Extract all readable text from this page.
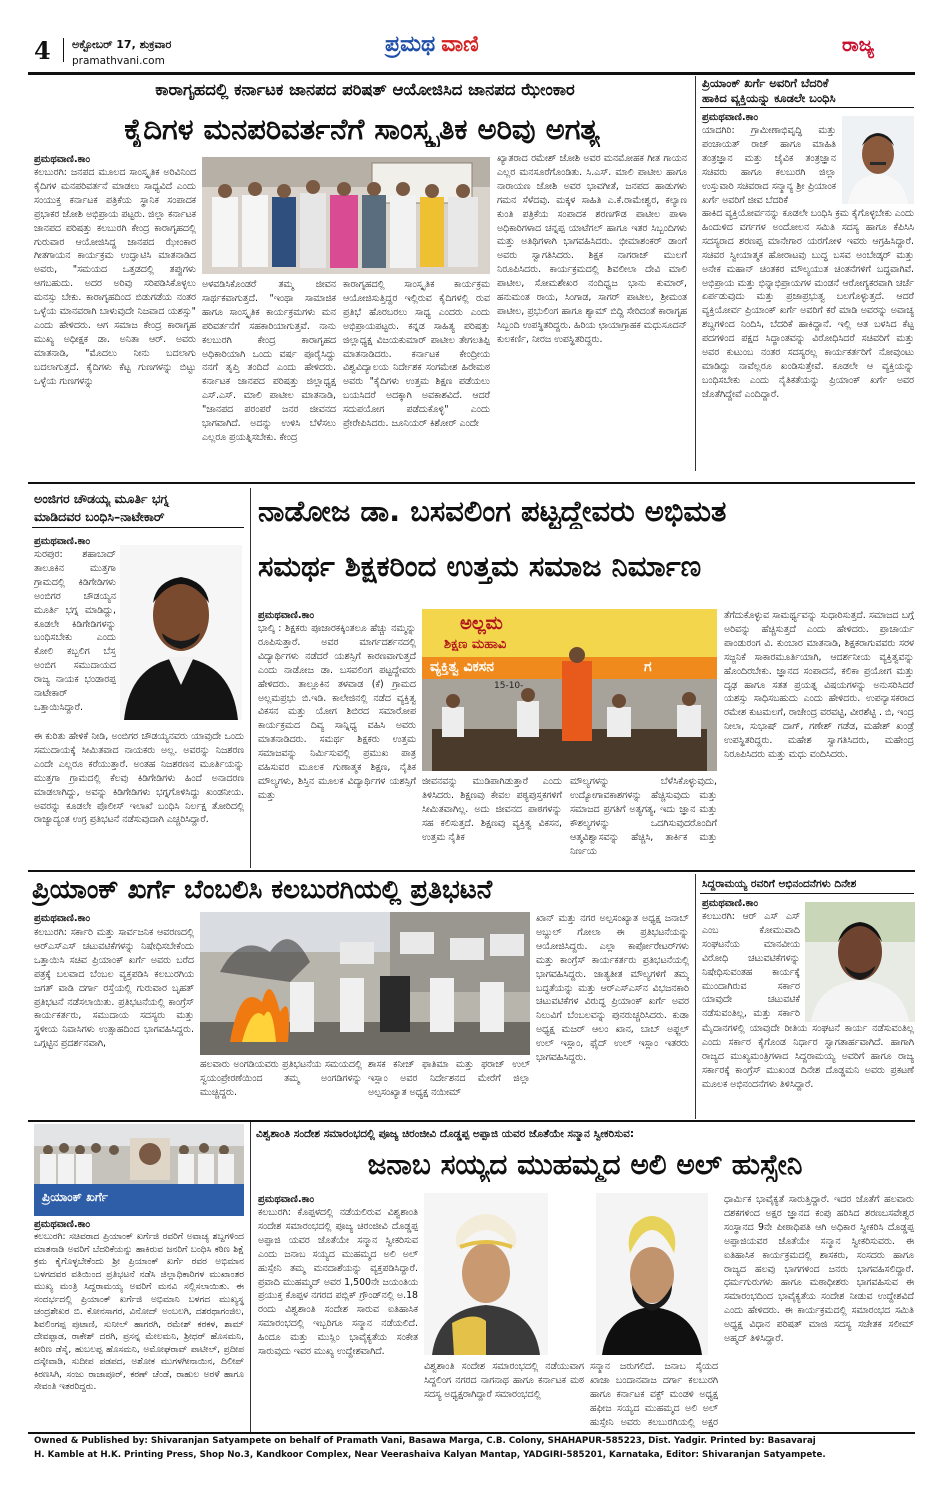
4 ಅಕ್ಟೋಬರ್ 17, ಶುಕ್ರವಾರ
pramathvani.com
ಪ್ರಮಥ ವಾಣಿ	ರಾಜ್ಯ
ಕಾರಾಗೃಹದಲ್ಲಿ ಕರ್ನಾಟಕ ಜಾನಪದ ಪರಿಷತ್ ಆಯೋಜಿಸಿದ ಜಾನಪದ ಝೇಂಕಾರ
ಕೈದಿಗಳ ಮನಪರಿವರ್ತನೆಗೆ ಸಾಂಸ್ಕೃತಿಕ ಅರಿವು ಅಗತ್ಯ
ಪ್ರಮಥವಾಣಿ.ಕಾಂ
ಕಲಬುರಗಿ: ಜನಪದ ಮೂಲದ ಸಾಂಸ್ಕೃತಿಕ ಅರಿವಿನಿಂದ ಕೈದಿಗಳ ಮನಪರಿವರ್ತನೆ ಮಾಡಲು ಸಾಧ್ಯವಿದೆ ಎಂದು ಸಂಯುಕ್ತ ಕರ್ನಾಟಕ ಪತ್ರಿಕೆಯ ಸ್ಥಾನಿಕ ಸಂಪಾದಕ ಪ್ರಭಾಕರ ಜೋಶಿ ಅಭಿಪ್ರಾಯ ಪಟ್ಟರು. ಜಿಲ್ಲಾ ಕರ್ನಾಟಕ ಜಾನಪದ ಪರಿಷತ್ತು ಕಲಬುರಗಿ ಕೇಂದ್ರ ಕಾರಾಗೃಹದಲ್ಲಿ ಗುರುವಾರ ಆಯೋಜಿಸಿದ್ದ ಜಾನಪದ ಝೇಂಕಾರ ಗೀತಗಾಯನ ಕಾರ್ಯಕ್ರಮ ಉದ್ಘಾಟಿಸಿ ಮಾತನಾಡಿದ ಅವರು, "ಸಮಯದ ಒತ್ತಡದಲ್ಲಿ ತಪ್ಪುಗಳು ಆಗಬಹುದು. ಅದರ ಅರಿವು ಸರಿಪಡಿಸಿಕೊಳ್ಳಲು ಮನಸ್ಸು ಬೇಕು. ಕಾರಾಗೃಹದಿಂದ ಬಿಡುಗಡೆಯ ನಂತರ ಒಳ್ಳೆಯ ಮಾನವರಾಗಿ ಬಾಳುವುದೇ ನಿಜವಾದ ಯಶಸ್ಸು" ಎಂದು ಹೇಳಿದರು. ಆಗ ಸಮಾಜ ಕೇಂದ್ರ ಕಾರಾಗೃಹ ಮುಖ್ಯ ಅಧೀಕ್ಷಕ ಡಾ. ಅನಿತಾ ಆರ್. ಅವರು ಮಾತನಾಡಿ, "ಮೊದಲು ನೀನು ಬದಲಾಗು ಬದಲಾಗುತ್ತದೆ. ಕೈದಿಗಳು ಕೆಟ್ಟ ಗುಣಗಳನ್ನು ಬಿಟ್ಟು ಒಳ್ಳೆಯ ಗುಣಗಳನ್ನು
ಅಳವಡಿಸಿಕೊಂಡರೆ ತಮ್ಮ ಜೀವನ ಸಾರ್ಥಕವಾಗುತ್ತದೆ. "ಇಂಥಾ ಸಾಮಾಜಿಕ ಹಾಗೂ ಸಾಂಸ್ಕೃತಿಕ ಕಾರ್ಯಕ್ರಮಗಳು ಮನ ಪರಿವರ್ತನೆಗೆ ಸಹಕಾರಿಯಾಗುತ್ತವೆ. ನಾನು ಕಲಬುರಗಿ ಕೇಂದ್ರ ಕಾರಾಗೃಹದ ಅಧಿಕಾರಿಯಾಗಿ ಒಂದು ವರ್ಷ ಪೂರೈಸಿದ್ದು ನನಗೆ ತೃಪ್ತಿ ತಂದಿದೆ ಎಂದು ಹೇಳಿದರು. ಕರ್ನಾಟಕ ಜಾನಪದ ಪರಿಷತ್ತು ಜಿಲ್ಲಾಧ್ಯಕ್ಷ ಎಸ್.ಎಸ್. ಮಾಲಿ ಪಾಟೀಲ ಮಾತನಾಡಿ, "ಜಾನಪದ ಪರಂಪರೆ ಜನರ ಜೀವನದ ಭಾಗವಾಗಿದೆ. ಅದನ್ನು ಉಳಿಸಿ ಬೆಳೆಸಲು ಎಲ್ಲರೂ ಪ್ರಯತ್ನಿಸಬೇಕು. ಕೇಂದ್ರ
ಕಾರಾಗೃಹದಲ್ಲಿ ಸಾಂಸ್ಕೃತಿಕ ಕಾರ್ಯಕ್ರಮ ಆಯೋಜಿಸುತ್ತಿದ್ದರ ಇಲ್ಲಿರುವ ಕೈದಿಗಳಲ್ಲಿ ರುವ ಪ್ರತಿಭೆ ಹೊರಬರಲು ಸಾಧ್ಯ ಎಂದರು ಎಂದು ಅಭಿಪ್ರಾಯಪಟ್ಟರು. ಕನ್ನಡ ಸಾಹಿತ್ಯ ಪರಿಷತ್ತು ಜಿಲ್ಲಾಧ್ಯಕ್ಷ ವಿಜಯಕುಮಾರ್ ಪಾಟೀಲ ತೇಗಲತಿಪ್ಪಿ ಮಾತನಾಡಿದರು. ಕರ್ನಾಟಕ ಕೇಂದ್ರೀಯ ವಿಶ್ವವಿದ್ಯಾಲಯ ನಿರ್ದೇಶಕ ಸಂಗಮೇಶ ಹಿರೇಮಠ ಅವರು "ಕೈದಿಗಳು ಉತ್ತಮ ಶಿಕ್ಷಣ ಪಡೆಯಲು ಬಯಸಿದರೆ ಅದಕ್ಕಾಗಿ ಅವಕಾಶವಿದೆ. ಆದರೆ ಸದುಪಯೋಗ ಪಡೆದುಕೊಳ್ಳಿ" ಎಂದು ಪ್ರೇರೇಪಿಸಿದರು. ಜೂನಿಯರ್ ಕಿಶೋರ್ ಎಂದೇ
ಖ್ಯಾತರಾದ ರಮೇಶ್ ಜೋಶಿ ಅವರ ಮನಮೋಹಕ ಗೀತ ಗಾಯನ ಎಲ್ಲರ ಮನಸೂರೆಗೊಂಡಿತು. ಸಿ.ಎಸ್. ಮಾಲಿ ಪಾಟೀಲ ಹಾಗೂ ನಾರಾಯಣ ಜೋಶಿ ಅವರ ಭಾವಗೀತೆ, ಜನಪದ ಹಾಡುಗಳು ಗಮನ ಸೆಳೆದವು. ಮಕ್ಕಳ ಸಾಹಿತಿ ಎ.ಕೆ.ರಾಮೇಶ್ವರ, ಕಲ್ಯಾಣ ಕುಂತಿ ಪತ್ರಿಕೆಯ ಸಂಪಾದಕ ಶರಣಗೌಡ ಪಾಟೀಲ ಪಾಳಾ ಅಧಿಕಾರಿಗಳಾದ ಚನ್ನಪ್ಪ ಯಾಟೆಗಲ್ ಹಾಗೂ ಇತರ ಸಿಬ್ಬಂದಿಗಳು ಮತ್ತು ಅತಿಥಿಗಳಾಗಿ ಭಾಗವಹಿಸಿದರು. ಭೀಮಾಶಂಕರ್ ಡಾಂಗೆ ಅವರು ಸ್ವಾಗತಿಸಿದರು. ಶಿಕ್ಷಕ ನಾಗರಾಜ್ ಮುಲಗೆ ನಿರೂಪಿಸಿದರು. ಕಾರ್ಯಕ್ರಮದಲ್ಲಿ ಶಿವಲೀಲಾ ದೇವಿ ಮಾಲಿ ಪಾಟೀಲ, ಸೋಮಶೇಖರ ನಂದಿಧ್ವಜ ಭಾನು ಕುಮಾರ್, ಹನುಮಂತ ರಾಯ, ಸಿಂಗಾಡ, ಸಾಗರ್ ಪಾಟೀಲ, ಶ್ರೀಮಂತ ಪಾಟೀಲ, ಪ್ರಭುಲಿಂಗ ಹಾಗೂ ಶ್ಯಾಮ್ ಬಿದ್ದಿ ಸೇರಿದಂತೆ ಕಾರಾಗೃಹ ಸಿಬ್ಬಂದಿ ಉಪಸ್ಥಿತರಿದ್ದರು. ಹಿರಿಯ ಛಾಯಾಗ್ರಾಹಕ ಮಧುಸೂದನ್ ಕುಲಕರ್ಣಿ, ನೀರಜ ಉಪಸ್ಥಿತರಿದ್ದರು.
ಪ್ರಿಯಾಂಕ್ ಖರ್ಗೆ ಅವರಿಗೆ ಬೆದರಿಕೆ
ಹಾಕಿದ ವ್ಯಕ್ತಿಯನ್ನು ಕೂಡಲೇ ಬಂಧಿಸಿ
ಪ್ರಮಥವಾಣಿ.ಕಾಂ
ಯಾದಗಿರಿ: ಗ್ರಾಮೀಣಾಭಿವೃದ್ಧಿ ಮತ್ತು ಪಂಚಾಯತ್ ರಾಜ್ ಹಾಗೂ ಮಾಹಿತಿ ತಂತ್ರಜ್ಞಾನ ಮತ್ತು ಜೈವಿಕ ತಂತ್ರಜ್ಞಾನ ಸಚಿವರು ಹಾಗೂ ಕಲಬುರಗಿ ಜಿಲ್ಲಾ ಉಸ್ತುವಾರಿ ಸಚಿವರಾದ ಸನ್ಮಾನ್ಯ ಶ್ರೀ ಪ್ರಿಯಾಂಕ ಖರ್ಗೆ ಅವರಿಗೆ ಜೀವ ಬೆದರಿಕೆ
ಹಾಕಿದ ವ್ಯಕ್ತಿಯೋರ್ವನನ್ನು ಕೂಡಲೇ ಬಂಧಿಸಿ ಕ್ರಮ ಕೈಗೊಳ್ಳಬೇಕು ಎಂದು ಹಿಂದುಳಿದ ವರ್ಗಗಳ ಅಂದೋಲನ ಸಮಿತಿ ಸದಸ್ಯ ಹಾಗೂ ಕೆಪಿಸಿಸಿ ಸದಸ್ಯರಾದ ಶರಣಪ್ಪ ಮಾನೇಗಾರ ಯರಗೋಳ ಇವರು ಆಗ್ರಹಿಸಿದ್ದಾರೆ. ಸಚಿವರ ಸ್ವೀಯಾತ್ಮಕ ಹೋರಾಟವು ಬುದ್ಧ ಬಸವ ಅಂಬೇಡ್ಕರ್ ಮತ್ತು ಅನೇಕ ಮಹಾನ್ ಚಿಂತಕರ ಮೌಲ್ಯಯುತ ಚಿಂತನೆಗಳಿಗೆ ಬದ್ಧವಾಗಿವೆ. ಅಭಿಪ್ರಾಯ ಮತ್ತು ಭಿನ್ನಾಭಿಪ್ರಾಯಗಳ ಮಂಡನೆ ಆರೋಗ್ಯಕರವಾಗಿ ಚರ್ಚೆ ಏರ್ಪಡುವುದು ಮತ್ತು ಪ್ರಜಾಪ್ರಭುತ್ವ ಬಲಗೊಳ್ಳುತ್ತದೆ. ಆದರೆ ವ್ಯಕ್ತಿಯೋರ್ವ ಪ್ರಿಯಾಂಕ್ ಖರ್ಗೆ ಅವರಿಗೆ ಕರೆ ಮಾಡಿ ಅವರನ್ನು ಅವಾಚ್ಯ ಶಬ್ದಗಳಿಂದ ನಿಂದಿಸಿ, ಬೆದರಿಕೆ ಹಾಕಿದ್ದಾನೆ. ಇಲ್ಲಿ ಆತ ಬಳಸಿದ ಕೆಟ್ಟ ಪದಗಳಿಂದ ಪಕ್ಷದ ಸಿದ್ಧಾಂತವನ್ನು ವಿರೋಧಿಸಿದರೆ ಸಚಿವರಿಗೆ ಮತ್ತು ಅವರ ಕುಟುಂಬ ನಂತರ ಸದಸ್ಯರಲ್ಲ ಕಾರ್ಯಕರ್ತರಿಗೆ ನೋವುಂಟು ಮಾಡಿದ್ದು ನಾವೆಲ್ಲರೂ ಖಂಡಿಸುತ್ತೇವೆ. ಕೂಡಲೇ ಆ ವ್ಯಕ್ತಿಯನ್ನು ಬಂಧಿಸಬೇಕು ಎಂದು ನೈತಿಕತೆಯನ್ನು ಪ್ರಿಯಾಂಕ್ ಖರ್ಗೆ ಅವರ ಜೊತೆಗಿದ್ದೇವೆ ಎಂದಿದ್ದಾರೆ.
ಅಂಜಿಗರ ಚೌಡಯ್ಯ ಮೂರ್ತಿ ಭಗ್ನ
ಮಾಡಿದವರ ಬಂಧಿಸಿ–ನಾಟೇಕಾರ್
ಪ್ರಮಥವಾಣಿ.ಕಾಂ
ಸುರಪುರ: ಶಹಾಬಾದ್ ತಾಲೂಕಿನ ಮುತ್ತಗಾ ಗ್ರಾಮದಲ್ಲಿ ಕಿಡಿಗೇಡಿಗಳು ಅಂಬಿಗರ ಚೌಡಯ್ಯನ ಮೂರ್ತಿ ಭಗ್ನ ಮಾಡಿದ್ದು, ಕೂಡಲೇ ಕಿಡಿಗೇಡಿಗಳನ್ನು ಬಂಧಿಸಬೇಕು ಎಂದು ಕೋಲಿ ಕಬ್ಬಲಿಗ ಬೆಸ್ತ ಅಂಬಿಗ ಸಮುದಾಯದ ರಾಜ್ಯ ನಾಯಕ ಭಂಡಾರಪ್ಪ ನಾಟೇಕಾರ್ ಒತ್ತಾಯಿಸಿದ್ದಾರೆ.
ಈ ಕುರಿತು ಹೇಳಿಕೆ ನೀಡಿ, ಅಂಬಿಗರ ಚೌಡಯ್ಯನವರು ಯಾವುದೇ ಒಂದು ಸಮುದಾಯಕ್ಕೆ ಸೀಮಿತವಾದ ನಾಯಕರು ಅಲ್ಲ. ಅವರನ್ನು ನಿಜಶರಣ ಎಂದೇ ಎಲ್ಲರೂ ಕರೆಯುತ್ತಾರೆ. ಅಂತಹ ನಿಜಶರಣನ ಮೂರ್ತಿಯನ್ನು ಮುತ್ತಗಾ ಗ್ರಾಮದಲ್ಲಿ ಕೆಲವು ಕಿಡಿಗೇಡಿಗಳು ಹಿಂದೆ ಅನಾದರಣ ಮಾಡಲಾಗಿದ್ದು, ಅವನ್ನು ಕಿಡಿಗೇಡಿಗಳು ಭಗ್ನಗೊಳಿಸಿದ್ದು ಖಂಡನೀಯ. ಅವರನ್ನು ಕೂಡಲೇ ಪೊಲೀಸ್ ಇಲಾಖೆ ಬಂಧಿಸಿ ನಿರ್ಲಕ್ಷ ತೋರಿದಲ್ಲಿ ರಾಜ್ಯಾದ್ಯಂತ ಉಗ್ರ ಪ್ರತಿಭಟನೆ ನಡೆಸುವುದಾಗಿ ಎಚ್ಚರಿಸಿದ್ದಾರೆ.
ನಾಡೋಜ ಡಾ. ಬಸವಲಿಂಗ ಪಟ್ಟದ್ದೇವರು ಅಭಿಮತ
ಸಮರ್ಥ ಶಿಕ್ಷಕರಿಂದ ಉತ್ತಮ ಸಮಾಜ ನಿರ್ಮಾಣ
ಪ್ರಮಥವಾಣಿ.ಕಾಂ
ಭಾಲ್ಕಿ : ಶಿಕ್ಷಕರು ಪೂಜಾರಕಕ್ಕಿಂತಲೂ ಹೆಚ್ಚು ನಮ್ಮನ್ನು ರೂಪಿಸುತ್ತಾರೆ. ಅವರ ಮಾರ್ಗದರ್ಶನದಲ್ಲಿ ವಿದ್ಯಾರ್ಥಿಗಳು ನಡೆದರೆ ಯಶಸ್ಸಿಗೆ ಕಾರಣವಾಗುತ್ತದೆ ಎಂದು ನಾಡೋಜ ಡಾ. ಬಸವಲಿಂಗ ಪಟ್ಟದ್ದೇವರು ಹೇಳಿದರು. ತಾಲ್ಲೂಕಿನ ತಳವಾಡ (ಕೆ) ಗ್ರಾಮದ ಅಲ್ಲಮಪ್ರಭು ಬಿ.ಇಡಿ. ಕಾಲೇಜಿನಲ್ಲಿ ನಡೆದ ವ್ಯಕ್ತಿತ್ವ ವಿಕಸನ ಮತ್ತು ಯೋಗ ಶಿಬಿರದ ಸಮಾರೋಪ ಕಾರ್ಯಕ್ರಮದ ದಿವ್ಯ ಸಾನ್ನಿಧ್ಯ ವಹಿಸಿ ಅವರು ಮಾತನಾಡಿದರು. ಸಮರ್ಥ ಶಿಕ್ಷಕರು ಉತ್ತಮ ಸಮಾಜವನ್ನು ನಿರ್ಮಿಸುವಲ್ಲಿ ಪ್ರಮುಖ ಪಾತ್ರ ವಹಿಸುವರ ಮೂಲಕ ಗುಣಾತ್ಮಕ ಶಿಕ್ಷಣ, ನೈತಿಕ ಮೌಲ್ಯಗಳು, ಶಿಸ್ತಿನ ಮೂಲಕ ವಿದ್ಯಾರ್ಥಿಗಳ ಯಶಸ್ಸಿಗೆ ಮತ್ತು
ಅಲ್ಲಮ
ಶಿಕ್ಷಣ ಮಹಾವಿ
ವ್ಯಕ್ತಿತ್ವ ವಿಕಸನ	ಗ
15-10-
ಜೀವನವನ್ನು ಮುಡಿಪಾಗಿಡುತ್ತಾರೆ ಎಂದು ತಿಳಿಸಿದರು. ಶಿಕ್ಷಣವು ಕೇವಲ ಪಠ್ಯಪುಸ್ತಕಗಳಿಗೆ ಸೀಮಿತವಾಗಿಲ್ಲ. ಅದು ಜೀವನದ ಪಾಠಗಳನ್ನು ಸಹ ಕಲಿಸುತ್ತದೆ. ಶಿಕ್ಷಣವು ವ್ಯಕ್ತಿತ್ವ ವಿಕಸನ, ಉತ್ತಮ ನೈತಿಕ
ಮೌಲ್ಯಗಳನ್ನು ಬೆಳೆಸಿಕೊಳ್ಳುವುದು, ಉದ್ಯೋಗಾವಕಾಶಗಳನ್ನು ಹೆಚ್ಚಿಸುವುದು ಮತ್ತು ಸಮಾಜದ ಪ್ರಗತಿಗೆ ಅತ್ಯಗತ್ಯ, ಇದು ಜ್ಞಾನ ಮತ್ತು ಕೌಶಲ್ಯಗಳನ್ನು ಒದಗಿಸುವುದರೊಂದಿಗೆ ಆತ್ಮವಿಶ್ವಾಸವನ್ನು ಹೆಚ್ಚಿಸಿ, ತಾರ್ಕಿಕ ಮತ್ತು ನಿರ್ಣಯ
ತೆಗೆದುಕೊಳ್ಳುವ ಸಾಮರ್ಥ್ಯವನ್ನು ಸುಧಾರಿಸುತ್ತದೆ. ಸಮಾಜದ ಬಗ್ಗೆ ಅರಿವನ್ನು ಹೆಚ್ಚಿಸುತ್ತದೆ ಎಂದು ಹೇಳಿದರು. ಪ್ರಾಚಾರ್ಯ ಪಾಂಡುರಂಗ ವಿ. ಕುಂಬಾರ ಮಾತನಾಡಿ, ಶಿಕ್ಷಕರಾಗುವವರು ಸರಳ ಸಜ್ಜನಿಕೆ ಸಾಕಾರಮೂರ್ತಿಯಾಗಿ, ಆದರ್ಶನೀಯ ವ್ಯಕ್ತಿತ್ವವನ್ನು ಹೊಂದಿರಬೇಕು. ಜ್ಞಾನದ ಸಂಪಾದನೆ, ಕಲಿಕಾ ಪ್ರಯೋಗ ಮತ್ತು ದೃಢ ಹಾಗೂ ಸತತ ಪ್ರಯತ್ನ ವಿಷಯಗಳನ್ನು ಅನುಸರಿಸಿದರೆ ಯಶಸ್ಸು ಸಾಧಿಸಬಹುದು ಎಂದು ಹೇಳಿದರು. ಉಪನ್ಯಾಸಕರಾದ ರಮೇಶ ಕುಟಮಲಗೆ, ರಾಜೇಂದ್ರ ವರವಟ್ಟಿ, ವೀರಶೆಟ್ಟಿ . ಬಿ, ಇಂದ್ರ ನೀಲಾ, ಸುಭಾಷ್ ದಾಗ್, ಗಣೇಶ್ ಗಡೆಡ, ಮಹೇಶ್ ಖಂಡ್ರೆ ಉಪಸ್ಥಿತರಿದ್ದರು. ಮಹೇಶ ಸ್ವಾಗತಿಸಿದರು, ಮಹೇಂದ್ರ ನಿರೂಪಿಸಿದರು ಮತ್ತು ಮಧು ವಂದಿಸಿದರು.
ಪ್ರಿಯಾಂಕ್ ಖರ್ಗೆ ಬೆಂಬಲಿಸಿ ಕಲಬುರಗಿಯಲ್ಲಿ ಪ್ರತಿಭಟನೆ
ಪ್ರಮಥವಾಣಿ.ಕಾಂ
ಕಲಬುರಗಿ: ಸರ್ಕಾರಿ ಮತ್ತು ಸಾರ್ವಜನಿಕ ಆವರಣದಲ್ಲಿ ಆರ್‌ಎಸ್‌ಎಸ್ ಚಟುವಟಿಕೆಗಳನ್ನು ನಿಷೇಧಿಸಬೇಕೆಂದು ಒತ್ತಾಯಿಸಿ ಸಚಿವ ಪ್ರಿಯಾಂಕ್ ಖರ್ಗೆ ಅವರು ಬರೆದ ಪತ್ರಕ್ಕೆ ಬಲವಾದ ಬೆಂಬಲ ವ್ಯಕ್ತಪಡಿಸಿ ಕಲಬುರಗಿಯ ಜಗತ್ ವಾಡಿ ದರ್ಗಾ ರಸ್ತೆಯಲ್ಲಿ ಗುರುವಾರ ಬೃಹತ್ ಪ್ರತಿಭಟನೆ ನಡೆಸಲಾಯಿತು. ಪ್ರತಿಭಟನೆಯಲ್ಲಿ ಕಾಂಗ್ರೆಸ್ ಕಾರ್ಯಕರ್ತರು, ಸಮುದಾಯ ಸದಸ್ಯರು ಮತ್ತು ಸ್ಥಳೀಯ ನಿವಾಸಿಗಳು ಉತ್ಸಾಹದಿಂದ ಭಾಗವಹಿಸಿದ್ದರು. ಒಗ್ಗಟ್ಟಿನ ಪ್ರದರ್ಶನವಾಗಿ,
ಹಲವಾರು ಅಂಗಡಿಯವರು ಪ್ರತಿಭಟನೆಯ ಸಮಯದಲ್ಲಿ ಸ್ವಯಂಪ್ರೇರಣೆಯಿಂದ ತಮ್ಮ ಅಂಗಡಿಗಳನ್ನು ಮುಚ್ಚಿದ್ದರು.
ಶಾಸಕ ಕನೀಜ್ ಫಾತಿಮಾ ಮತ್ತು ಫರಾಜ್ ಉಲ್ ಇಸ್ಲಾಂ ಅವರ ನಿರ್ದೇಶನದ ಮೇರೆಗೆ ಜಿಲ್ಲಾ ಅಲ್ಪಸಂಖ್ಯಾತ ಅಧ್ಯಕ್ಷ ನಯೀಮ್
ಖಾನ್ ಮತ್ತು ನಗರ ಅಲ್ಪಸಂಖ್ಯಾತ ಅಧ್ಯಕ್ಷ ಜನಾಬ್ ಅಬ್ದುಲ್ ಗೋಲಾ ಈ ಪ್ರತಿಭಟನೆಯನ್ನು ಆಯೋಜಿಸಿದ್ದರು. ಎಲ್ಲಾ ಕಾರ್ಪೋರೇಟರ್‌ಗಳು ಮತ್ತು ಕಾಂಗ್ರೆಸ್ ಕಾರ್ಯಕರ್ತರು ಪ್ರತಿಭಟನೆಯಲ್ಲಿ ಭಾಗವಹಿಸಿದ್ದರು. ಜಾತ್ಯತೀತ ಮೌಲ್ಯಗಳಿಗೆ ತಮ್ಮ ಬದ್ಧತೆಯನ್ನು ಮತ್ತು ಆರ್‌ಎಸ್‌ಎಸ್‌ನ ವಿಭಜನಕಾರಿ ಚಟುವಟಿಕೆಗಳ ವಿರುದ್ಧ ಪ್ರಿಯಾಂಕ್ ಖರ್ಗೆ ಅವರ ನಿಲುವಿಗೆ ಬೆಂಬಲವನ್ನು ಪುನರುಚ್ಚರಿಸಿದರು. ಕುಡಾ ಅಧ್ಯಕ್ಷ ಮಜರ್ ಆಲಂ ಖಾನ, ಬಾಬ್ ಅಫ್ಜಲ್ ಉಲ್ ಇಸ್ಲಾಂ, ಫೈದ್ ಉಲ್ ಇಸ್ಲಾಂ ಇತರರು ಭಾಗವಹಿಸಿದ್ದರು.
ಸಿದ್ದರಾಮಯ್ಯ ರವರಿಗೆ ಅಭಿನಂದನೆಗಳು ದಿನೇಶ
ಪ್ರಮಥವಾಣಿ.ಕಾಂ
ಕಲಬುರಗಿ: ಆರ್ ಎಸ್ ಎಸ್ ಎಂಬ ಕೋಮುವಾದಿ ಸಂಘಟನೆಯ ಮಾನವೀಯ ವಿರೋಧಿ ಚಟುವಟಿಕೆಗಳನ್ನು ನಿಷೇಧಿಸುವಂತಹ ಕಾರ್ಯಕ್ಕೆ ಮುಂದಾಗಿರುವ ಸರ್ಕಾರ ಯಾವುದೇ ಚಟುವಟಿಕೆ ನಡೆಸುವಂತಿಲ್ಲ, ಮತ್ತು ಸರ್ಕಾರಿ
ಮೈದಾನಗಳಲ್ಲಿ ಯಾವುದೇ ರೀತಿಯ ಸಂಘಟನೆ ಕಾರ್ಯ ನಡೆಸುವಂತಿಲ್ಲ ಎಂದು ಸರ್ಕಾರ ಕೈಗೊಂಡ ನಿರ್ಧಾರ ಸ್ವಾಗತಾರ್ಹವಾಗಿದೆ. ಹಾಗಾಗಿ ರಾಜ್ಯದ ಮುಖ್ಯಮಂತ್ರಿಗಳಾದ ಸಿದ್ದರಾಮಯ್ಯ ಅವರಿಗೆ ಹಾಗೂ ರಾಜ್ಯ ಸರ್ಕಾರಕ್ಕೆ ಕಾಂಗ್ರೆಸ್ ಮುಖಂಡ ದಿನೇಶ ದೊಡ್ಡಮನಿ ಅವರು ಪ್ರಕಟಣೆ ಮೂಲಕ ಅಭಿನಂದನೆಗಳು ತಿಳಿಸಿದ್ದಾರೆ.
ಪ್ರಿಯಾಂಕ್ ಖರ್ಗೆ
ಪ್ರಮಥವಾಣಿ.ಕಾಂ
ಕಲಬುರಗಿ: ಸಚಿವರಾದ ಪ್ರಿಯಾಂಕ್ ಖರ್ಗೆಜಿ ರವರಿಗೆ ಅವಾಚ್ಯ ಶಬ್ದಗಳಿಂದ ಮಾತನಾಡಿ ಅವರಿಗೆ ಬೆದರಿಕೆಯನ್ನು ಹಾಕಿರುವ ಜನರಿಗೆ ಬಂಧಿಸಿ ಕಠಿಣ ಶಿಕ್ಷೆ ಕ್ರಮ ಕೈಗೊಳ್ಳಬೇಕೆಂದು ಶ್ರೀ ಪ್ರಿಯಾಂಕ್ ಖರ್ಗೆ ರವರ ಅಭಿಮಾನ ಬಳಗದವರ ವತಿಯಿಂದ ಪ್ರತಿಭಟನೆ ನಡೆಸಿ ಜಿಲ್ಲಾಧಿಕಾರಿಗಳ ಮುಖಾಂತರ ಮುಖ್ಯ ಮಂತ್ರಿ ಸಿದ್ದರಾಮಯ್ಯ ಅವರಿಗೆ ಮನವಿ ಸಲ್ಲಿಸಲಾಯಿತು. ಈ ಸಂದರ್ಭದಲ್ಲಿ ಪ್ರಿಯಾಂಕ್ ಖರ್ಗೆಜಿ ಅಭಿಮಾನಿ ಬಳಗದ ಮುಖ್ಯಸ್ಥ ಚಂದ್ರಶೇಖರ ಬಿ. ಕೋನಸಾಗರ, ವಿನೋದ್ ಅಂಬಲಗಿ, ದಶರಥಾಗಂಜಿಲ, ಶಿವಲಿಂಗಪ್ಪ ಪುಟಾಣಿ, ಸುನೀಲ್ ಹಾಗರಗಿ, ರಮೇಶ್ ಕರಕಳ, ಶಾಮ್ ದೇವಪ್ಪಾಡ, ರಾಕೇಶ್ ದರಗಿ, ಪ್ರಸನ್ನ ಮೇಲಮನಿ, ಶ್ರೀಧರ್ ಹೊಸಮನಿ, ಕೀರಿಣ ಡೆಸೈ, ಹುಬಲಪ್ಪ ಹೊಸಮನಿ, ಅಮೋಘರಾವ್ ಪಾಟೀಲ್, ಪ್ರದೀಪ ದಸ್ಕೇವಾಡಿ, ಸುದೀಪ ಪಡಪದ, ಅಶೋಕ ಮುಗಳಗೀನಾಯಿನ, ದಿಲೀಪ್ ಕಿರಣಸಿಗಿ, ಸಂಜು ರಾಜಾಪೂರ್, ಕರಣ್ ಚೆಂಡೆ, ರಾಹುಲ ಅರಳೆ ಹಾಗೂ ಸೇವಂತಿ ಇತರರಿದ್ದರು.
ವಿಶ್ವಶಾಂತಿ ಸಂದೇಶ ಸಮಾರಂಭದಲ್ಲಿ ಪೂಜ್ಯ ಚಿರಂಜೀವಿ ದೊಡ್ಡಪ್ಪ ಅಪ್ಪಾಜಿ ಯವರ ಜೊತೆಯೇ ಸನ್ಮಾನ ಸ್ವೀಕರಿಸುವ:
ಜನಾಬ ಸಯ್ಯದ ಮುಹಮ್ಮದ ಅಲಿ ಅಲ್ ಹುಸ್ಸೇನಿ
ಪ್ರಮಥವಾಣಿ.ಕಾಂ
ಕಲಬುರಗಿ: ಕೊಪ್ಪಳದಲ್ಲಿ ನಡೆಯಲಿರುವ ವಿಶ್ವಶಾಂತಿ ಸಂದೇಶ ಸಮಾರಂಭದಲ್ಲಿ ಪೂಜ್ಯ ಚಿರಂಜೀವಿ ದೊಡ್ಡಪ್ಪ ಅಪ್ಪಾಜಿ ಯವರ ಜೊತೆಯೇ ಸನ್ಮಾನ ಸ್ವೀಕರಿಸುವ ಎಂದು ಜನಾಬ ಸಯ್ಯದ ಮುಹಮ್ಮದ ಅಲಿ ಅಲ್ ಹುಸ್ಸೇನಿ ತಮ್ಮ ಮನದಾಶೆಯನ್ನು ವ್ಯಕ್ತಪಡಿಸಿದ್ದಾರೆ. ಪ್ರವಾದಿ ಮುಹಮ್ಮದ್ ಅವರ 1,500ನೇ ಜಯಂತಿಯ ಪ್ರಯುಕ್ತ ಕೊಪ್ಪಳ ನಗರದ ಪಬ್ಲಿಕ್ ಗ್ರೌಂಡ್‌ನಲ್ಲಿ ಅ.18 ರಂದು ವಿಶ್ವಶಾಂತಿ ಸಂದೇಶ ಸಾರುವ ಐತಿಹಾಸಿಕ ಸಮಾರಂಭದಲ್ಲಿ ಇಬ್ಬರಿಗೂ ಸನ್ಮಾನ ನಡೆಯಲಿದೆ. ಹಿಂದೂ ಮತ್ತು ಮುಸ್ಲಿಂ ಭಾವೈಕ್ಯತೆಯ ಸಂಕೇತ ಸಾರುವುದು ಇವರ ಮುಖ್ಯ ಉದ್ದೇಶವಾಗಿದೆ.
ವಿಶ್ವಶಾಂತಿ ಸಂದೇಶ ಸಮಾರಂಭದಲ್ಲಿ ನಡೆಯುವಾಗ ಸಿದ್ದಲಿಂಗ ನಗರದ ನಾಗನಾಥ ಹಾಗೂ ಕರ್ನಾಟಕ ಮಠ ಸದಸ್ಯ ಅಧ್ಯಕ್ಷರಾಗಿದ್ದಾರೆ ಸಮಾರಂಭದಲ್ಲಿ
ಸನ್ಮಾನ ಜರುಗಲಿದೆ. ಜನಾಬ ಸೈಯದ ಖಾಜಾ ಬಂದಾನವಾಜ ದರ್ಗಾ ಕಲಬುರಗಿ ಹಾಗೂ ಕರ್ನಾಟಕ ವಕ್ಫ್ ಮಂಡಳಿ ಅಧ್ಯಕ್ಷ ಹಫೀಜ ಸಯ್ಯದ ಮುಹಮ್ಮದ ಅಲಿ ಅಲ್ ಹುಸ್ಸೇನಿ ಅವರು ಕಲಬುರಗಿಯಲ್ಲಿ ಅಕ್ಷರ
ಧಾರ್ಮಿಕ ಭಾವೈಕ್ಯತೆ ಸಾರುತ್ತಿದ್ದಾರೆ. ಇದರ ಜೊತೆಗೆ ಹಲವಾರು ದಶಕಗಳಿಂದ ಅಕ್ಷರ ಜ್ಞಾನದ ಕಂಪು ಹರಿಸಿದ ಶರಣಬಸವೇಶ್ವರ ಸಂಸ್ಥಾನದ 9ನೇ ಪೀಠಾಧಿಪತಿ ಆಗಿ ಅಧಿಕಾರ ಸ್ವೀಕರಿಸಿ ದೊಡ್ಡಪ್ಪ ಅಪ್ಪಾಜಿಯವರ ಜೊತೆಯೇ ಸನ್ಮಾನ ಸ್ವೀಕರಿಸುವರು. ಈ ಐತಿಹಾಸಿಕ ಕಾರ್ಯಕ್ರಮದಲ್ಲಿ ಶಾಸಕರು, ಸಂಸದರು ಹಾಗೂ ರಾಜ್ಯದ ಹಲವು ಭಾಗಗಳಿಂದ ಜನರು ಭಾಗವಹಿಸಲಿದ್ದಾರೆ. ಧರ್ಮಗುರುಗಳು ಹಾಗೂ ಮಠಾಧೀಶರು ಭಾಗವಹಿಸುವ ಈ ಸಮಾರಂಭದಿಂದ ಭಾವೈಕ್ಯತೆಯ ಸಂದೇಶ ನೀಡುವ ಉದ್ದೇಶವಿದೆ ಎಂದು ಹೇಳಿದರು. ಈ ಕಾರ್ಯಕ್ರಮದಲ್ಲಿ ಸಮಾರಂಭದ ಸಮಿತಿ ಅಧ್ಯಕ್ಷ ವಿಧಾನ ಪರಿಷತ್ ಮಾಜಿ ಸದಸ್ಯ ಸಚೇತಕ ಸಲೀಮ್ ಅಹ್ಮದ್ ತಿಳಿಸಿದ್ದಾರೆ.
Owned & Published by: Shivaranjan Satyampete on behalf of Pramath Vani, Basawa Marga, C.B. Colony, SHAHAPUR-585223, Dist. Yadgir. Printed by: Basavaraj
H. Kamble at H.K. Printing Press, Shop No.3, Kandkoor Complex, Near Veerashaiva Kalyan Mantap, YADGIRI-585201, Karnataka, Editor: Shivaranjan Satyampete.
